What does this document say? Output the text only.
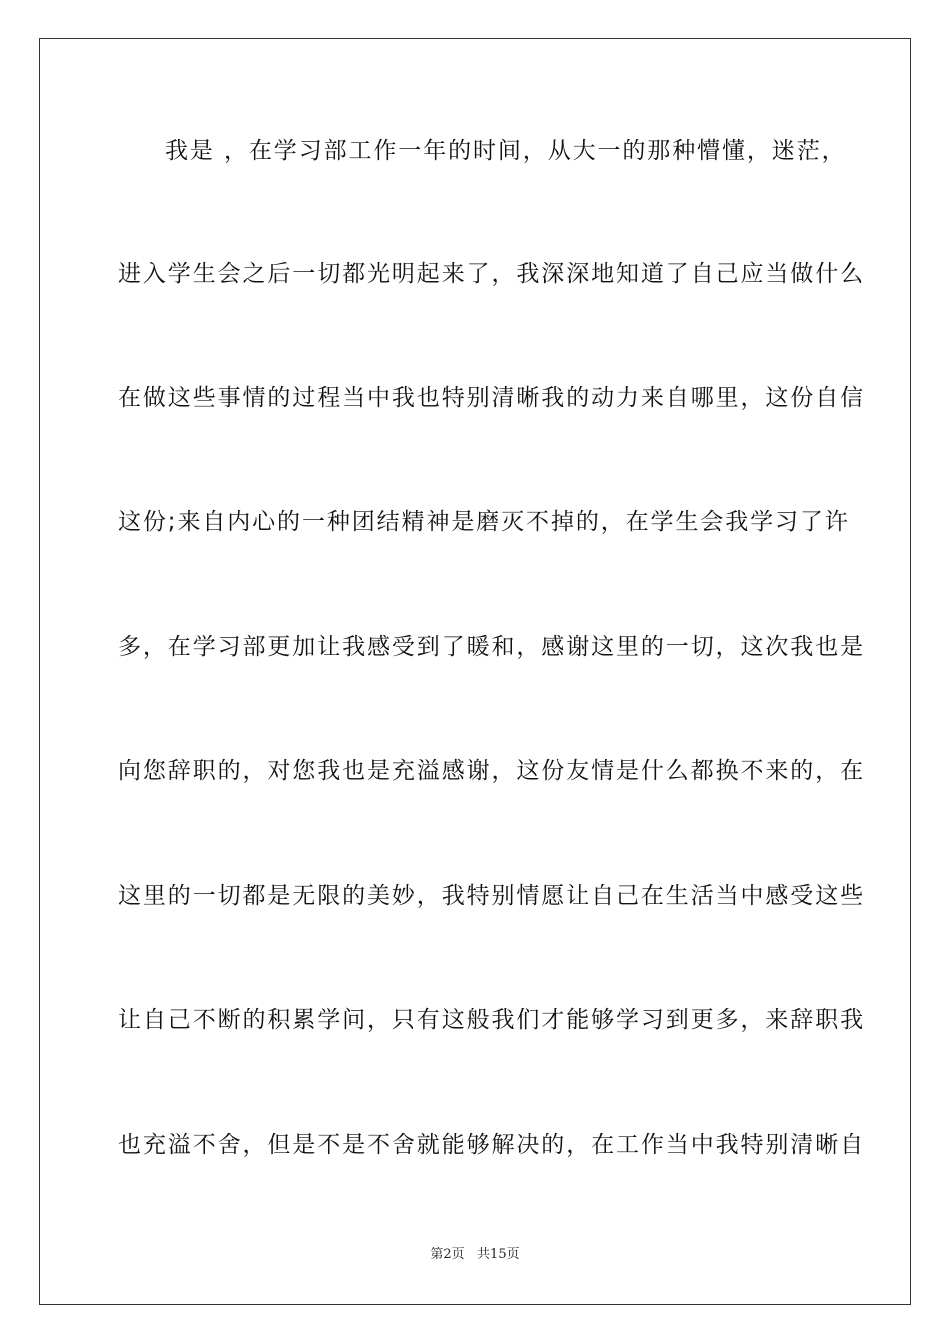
我是 ，在学习部工作一年的时间，从大一的那种懵懂，迷茫，
进入学生会之后一切都光明起来了，我深深地知道了自己应当做什么
在做这些事情的过程当中我也特别清晰我的动力来自哪里，这份自信
这份;来自内心的一种团结精神是磨灭不掉的，在学生会我学习了许
多，在学习部更加让我感受到了暖和，感谢这里的一切，这次我也是
向您辞职的，对您我也是充溢感谢，这份友情是什么都换不来的，在
这里的一切都是无限的美妙，我特别情愿让自己在生活当中感受这些
让自己不断的积累学问，只有这般我们才能够学习到更多，来辞职我
也充溢不舍，但是不是不舍就能够解决的，在工作当中我特别清晰自
第2页   共15页
